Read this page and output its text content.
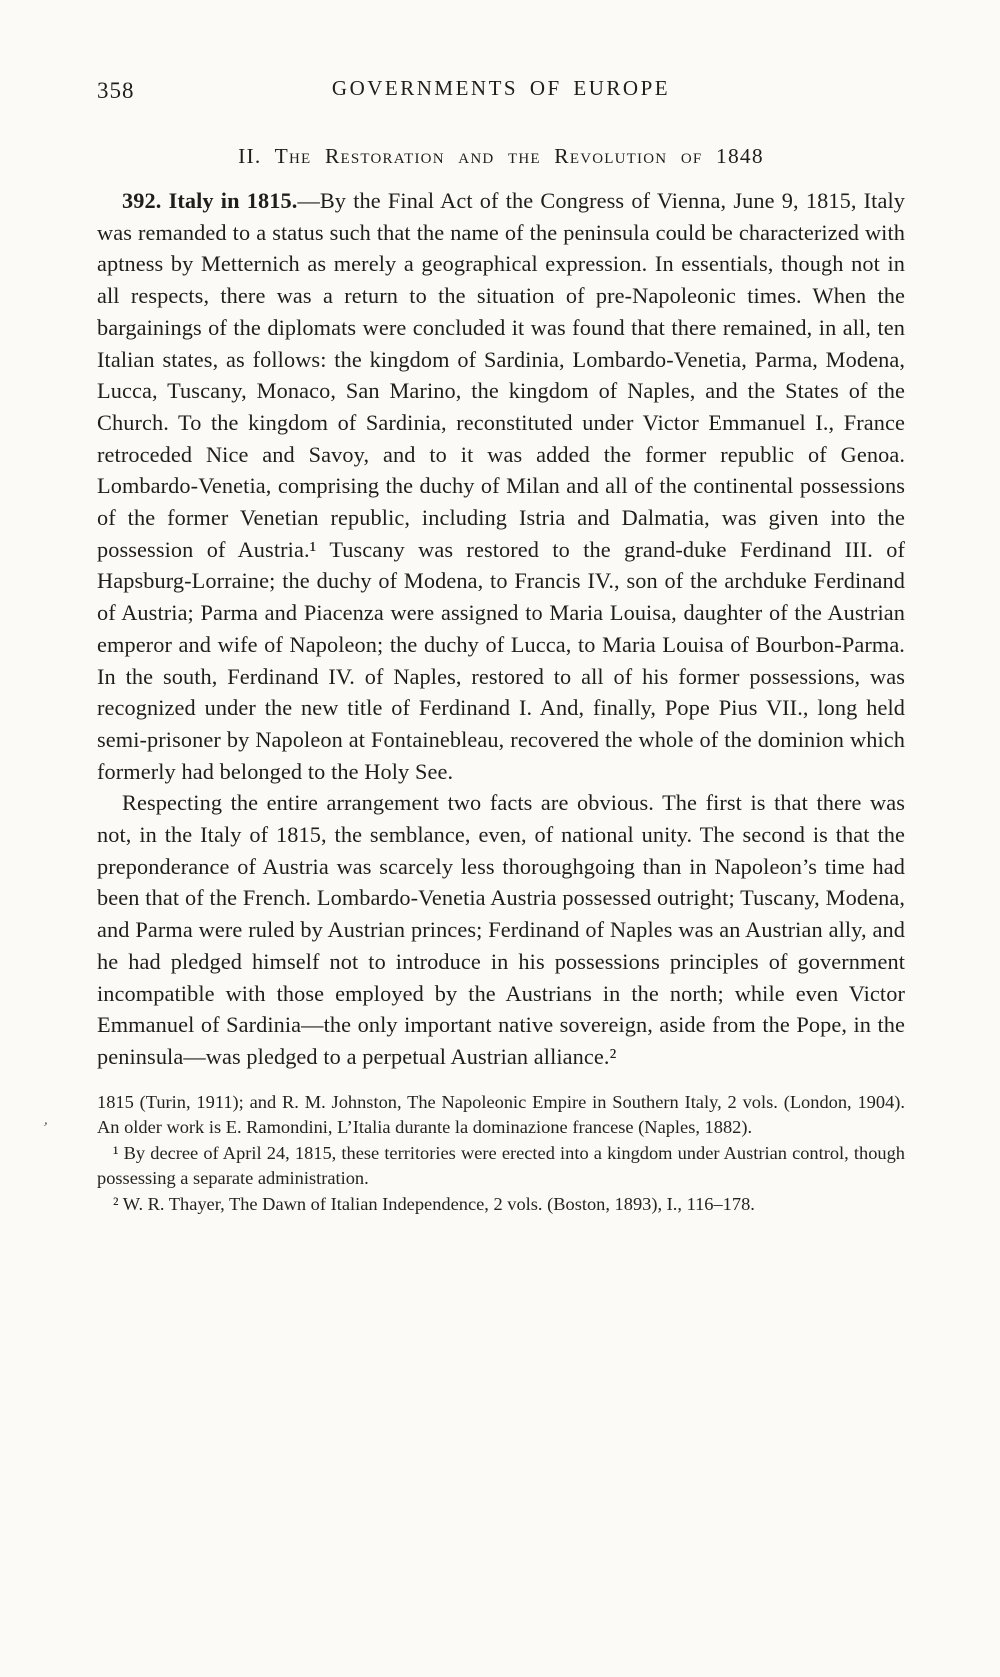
358	GOVERNMENTS OF EUROPE
II. The Restoration and the Revolution of 1848

392. Italy in 1815.—By the Final Act of the Congress of Vienna, June 9, 1815, Italy was remanded to a status such that the name of the peninsula could be characterized with aptness by Metternich as merely a geographical expression. In essentials, though not in all respects, there was a return to the situation of pre-Napoleonic times. When the bargainings of the diplomats were concluded it was found that there remained, in all, ten Italian states, as follows: the kingdom of Sardinia, Lombardo-Venetia, Parma, Modena, Lucca, Tuscany, Monaco, San Marino, the kingdom of Naples, and the States of the Church. To the kingdom of Sardinia, reconstituted under Victor Emmanuel I., France retroceded Nice and Savoy, and to it was added the former republic of Genoa. Lombardo-Venetia, comprising the duchy of Milan and all of the continental possessions of the former Venetian republic, including Istria and Dalmatia, was given into the possession of Austria.¹ Tuscany was restored to the grand-duke Ferdinand III. of Hapsburg-Lorraine; the duchy of Modena, to Francis IV., son of the archduke Ferdinand of Austria; Parma and Piacenza were assigned to Maria Louisa, daughter of the Austrian emperor and wife of Napoleon; the duchy of Lucca, to Maria Louisa of Bourbon-Parma. In the south, Ferdinand IV. of Naples, restored to all of his former possessions, was recognized under the new title of Ferdinand I. And, finally, Pope Pius VII., long held semi-prisoner by Napoleon at Fontainebleau, recovered the whole of the dominion which formerly had belonged to the Holy See.

Respecting the entire arrangement two facts are obvious. The first is that there was not, in the Italy of 1815, the semblance, even, of national unity. The second is that the preponderance of Austria was scarcely less thoroughgoing than in Napoleon’s time had been that of the French. Lombardo-Venetia Austria possessed outright; Tuscany, Modena, and Parma were ruled by Austrian princes; Ferdinand of Naples was an Austrian ally, and he had pledged himself not to introduce in his possessions principles of government incompatible with those employed by the Austrians in the north; while even Victor Emmanuel of Sardinia—the only important native sovereign, aside from the Pope, in the peninsula—was pledged to a perpetual Austrian alliance.²

1815 (Turin, 1911); and R. M. Johnston, The Napoleonic Empire in Southern Italy, 2 vols. (London, 1904). An older work is E. Ramondini, L’Italia durante la dominazione francese (Naples, 1882).

¹ By decree of April 24, 1815, these territories were erected into a kingdom under Austrian control, though possessing a separate administration.

² W. R. Thayer, The Dawn of Italian Independence, 2 vols. (Boston, 1893), I., 116–178.

,
